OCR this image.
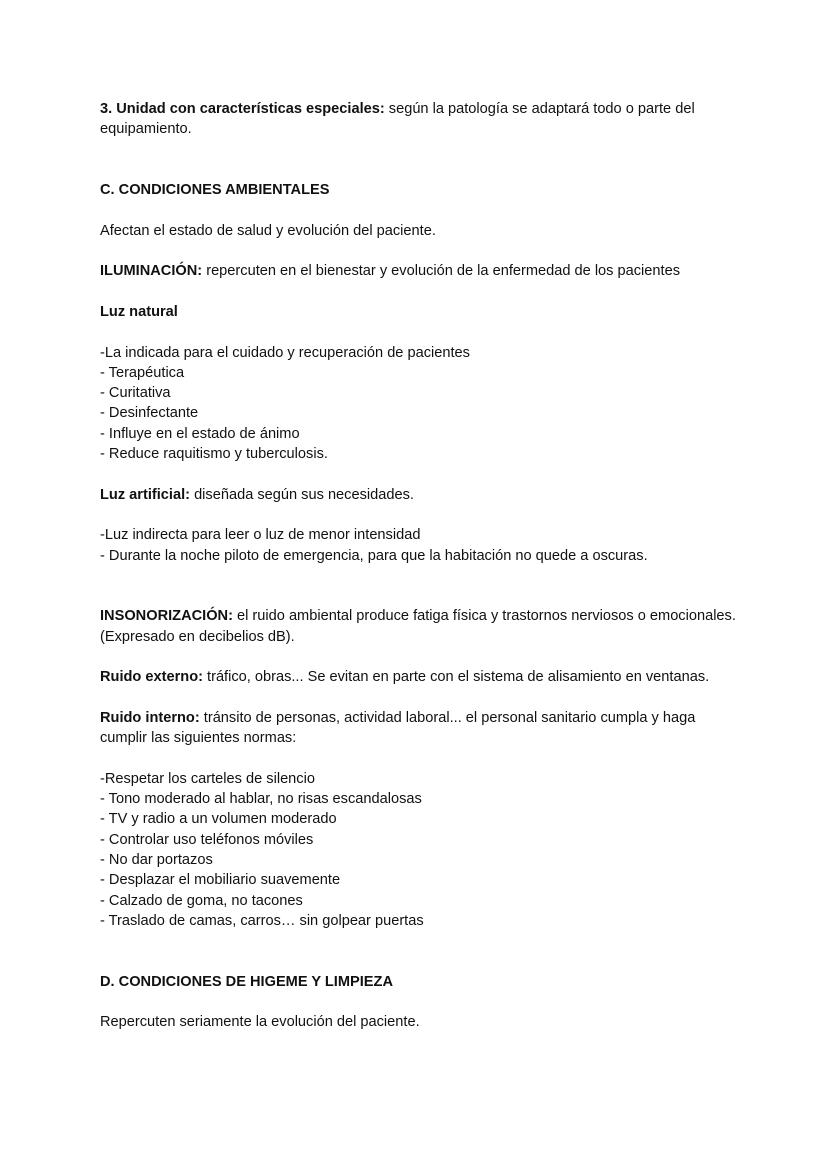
3. Unidad con características especiales: según la patología se adaptará todo o parte del equipamiento.

C. CONDICIONES AMBIENTALES

Afectan el estado de salud y evolución del paciente.

ILUMINACIÓN: repercuten en el bienestar y evolución de la enfermedad de los pacientes

Luz natural

-La indicada para el cuidado y recuperación de pacientes
- Terapéutica
- Curitativa
- Desinfectante
- Influye en el estado de ánimo
- Reduce raquitismo y tuberculosis.

Luz artificial: diseñada según sus necesidades.

-Luz indirecta para leer o luz de menor intensidad
- Durante la noche piloto de emergencia, para que la habitación no quede a oscuras.

INSONORIZACIÓN: el ruido ambiental produce fatiga física y trastornos nerviosos o emocionales. (Expresado en decibelios dB).

Ruido externo: tráfico, obras... Se evitan en parte con el sistema de alisamiento en ventanas.

Ruido interno: tránsito de personas, actividad laboral... el personal sanitario cumpla y haga cumplir las siguientes normas:

-Respetar los carteles de silencio
- Tono moderado al hablar, no risas escandalosas
- TV y radio a un volumen moderado
- Controlar uso teléfonos móviles
- No dar portazos
- Desplazar el mobiliario suavemente
- Calzado de goma, no tacones
- Traslado de camas, carros… sin golpear puertas

D. CONDICIONES DE HIGEME Y LIMPIEZA

Repercuten seriamente la evolución del paciente.
